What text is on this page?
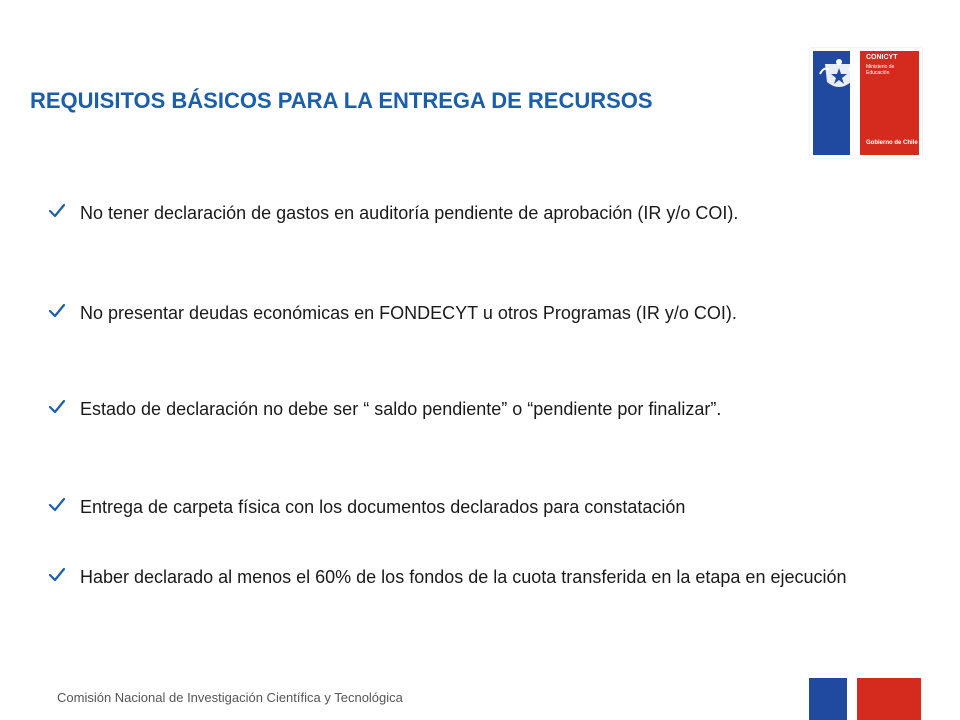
REQUISITOS BÁSICOS PARA LA ENTREGA DE RECURSOS
CONICYT
Ministerio de Educación
Gobierno de Chile
No tener declaración de gastos en auditoría pendiente de aprobación (IR y/o COI).
No presentar deudas económicas en FONDECYT u otros Programas (IR y/o COI).
Estado de declaración no debe ser “ saldo pendiente” o “pendiente por finalizar”.
Entrega de carpeta física con los documentos declarados para constatación
Haber declarado al menos el 60% de los fondos de la cuota transferida en la etapa en ejecución
Comisión Nacional de Investigación Científica y Tecnológica
